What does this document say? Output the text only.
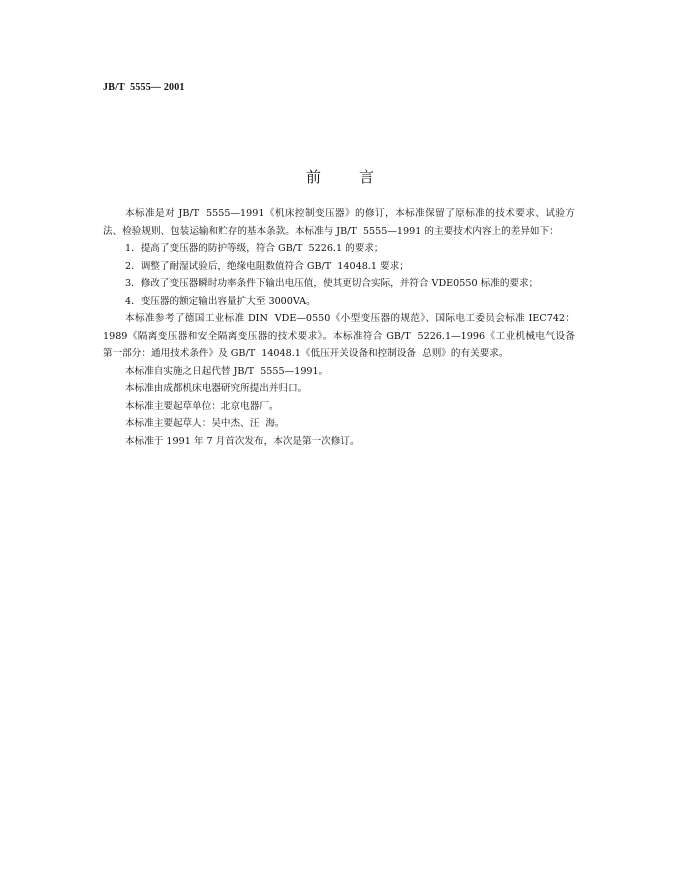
JB/T  5555— 2001
前言

本标准是对 JB/T  5555—1991《机床控制变压器》的修订，本标准保留了原标准的技术要求、试验方法、检验规则、包装运输和贮存的基本条款。本标准与 JB/T  5555—1991 的主要技术内容上的差异如下：

1．提高了变压器的防护等级，符合 GB/T  5226.1 的要求；

2．调整了耐湿试验后，绝缘电阻数值符合 GB/T  14048.1 要求；

3．修改了变压器瞬时功率条件下输出电压值，使其更切合实际，并符合 VDE0550 标准的要求；

4．变压器的额定输出容量扩大至 3000VA。

本标准参考了德国工业标准 DIN  VDE—0550《小型变压器的规范》、国际电工委员会标准 IEC742：1989《隔离变压器和安全隔离变压器的技术要求》。本标准符合 GB/T  5226.1—1996《工业机械电气设备  第一部分：通用技术条件》及 GB/T  14048.1《低压开关设备和控制设备  总则》的有关要求。

本标准自实施之日起代替 JB/T  5555—1991。

本标准由成都机床电器研究所提出并归口。

本标准主要起草单位：北京电器厂。

本标准主要起草人：吴中杰、汪  海。

本标准于 1991 年 7 月首次发布，本次是第一次修订。
